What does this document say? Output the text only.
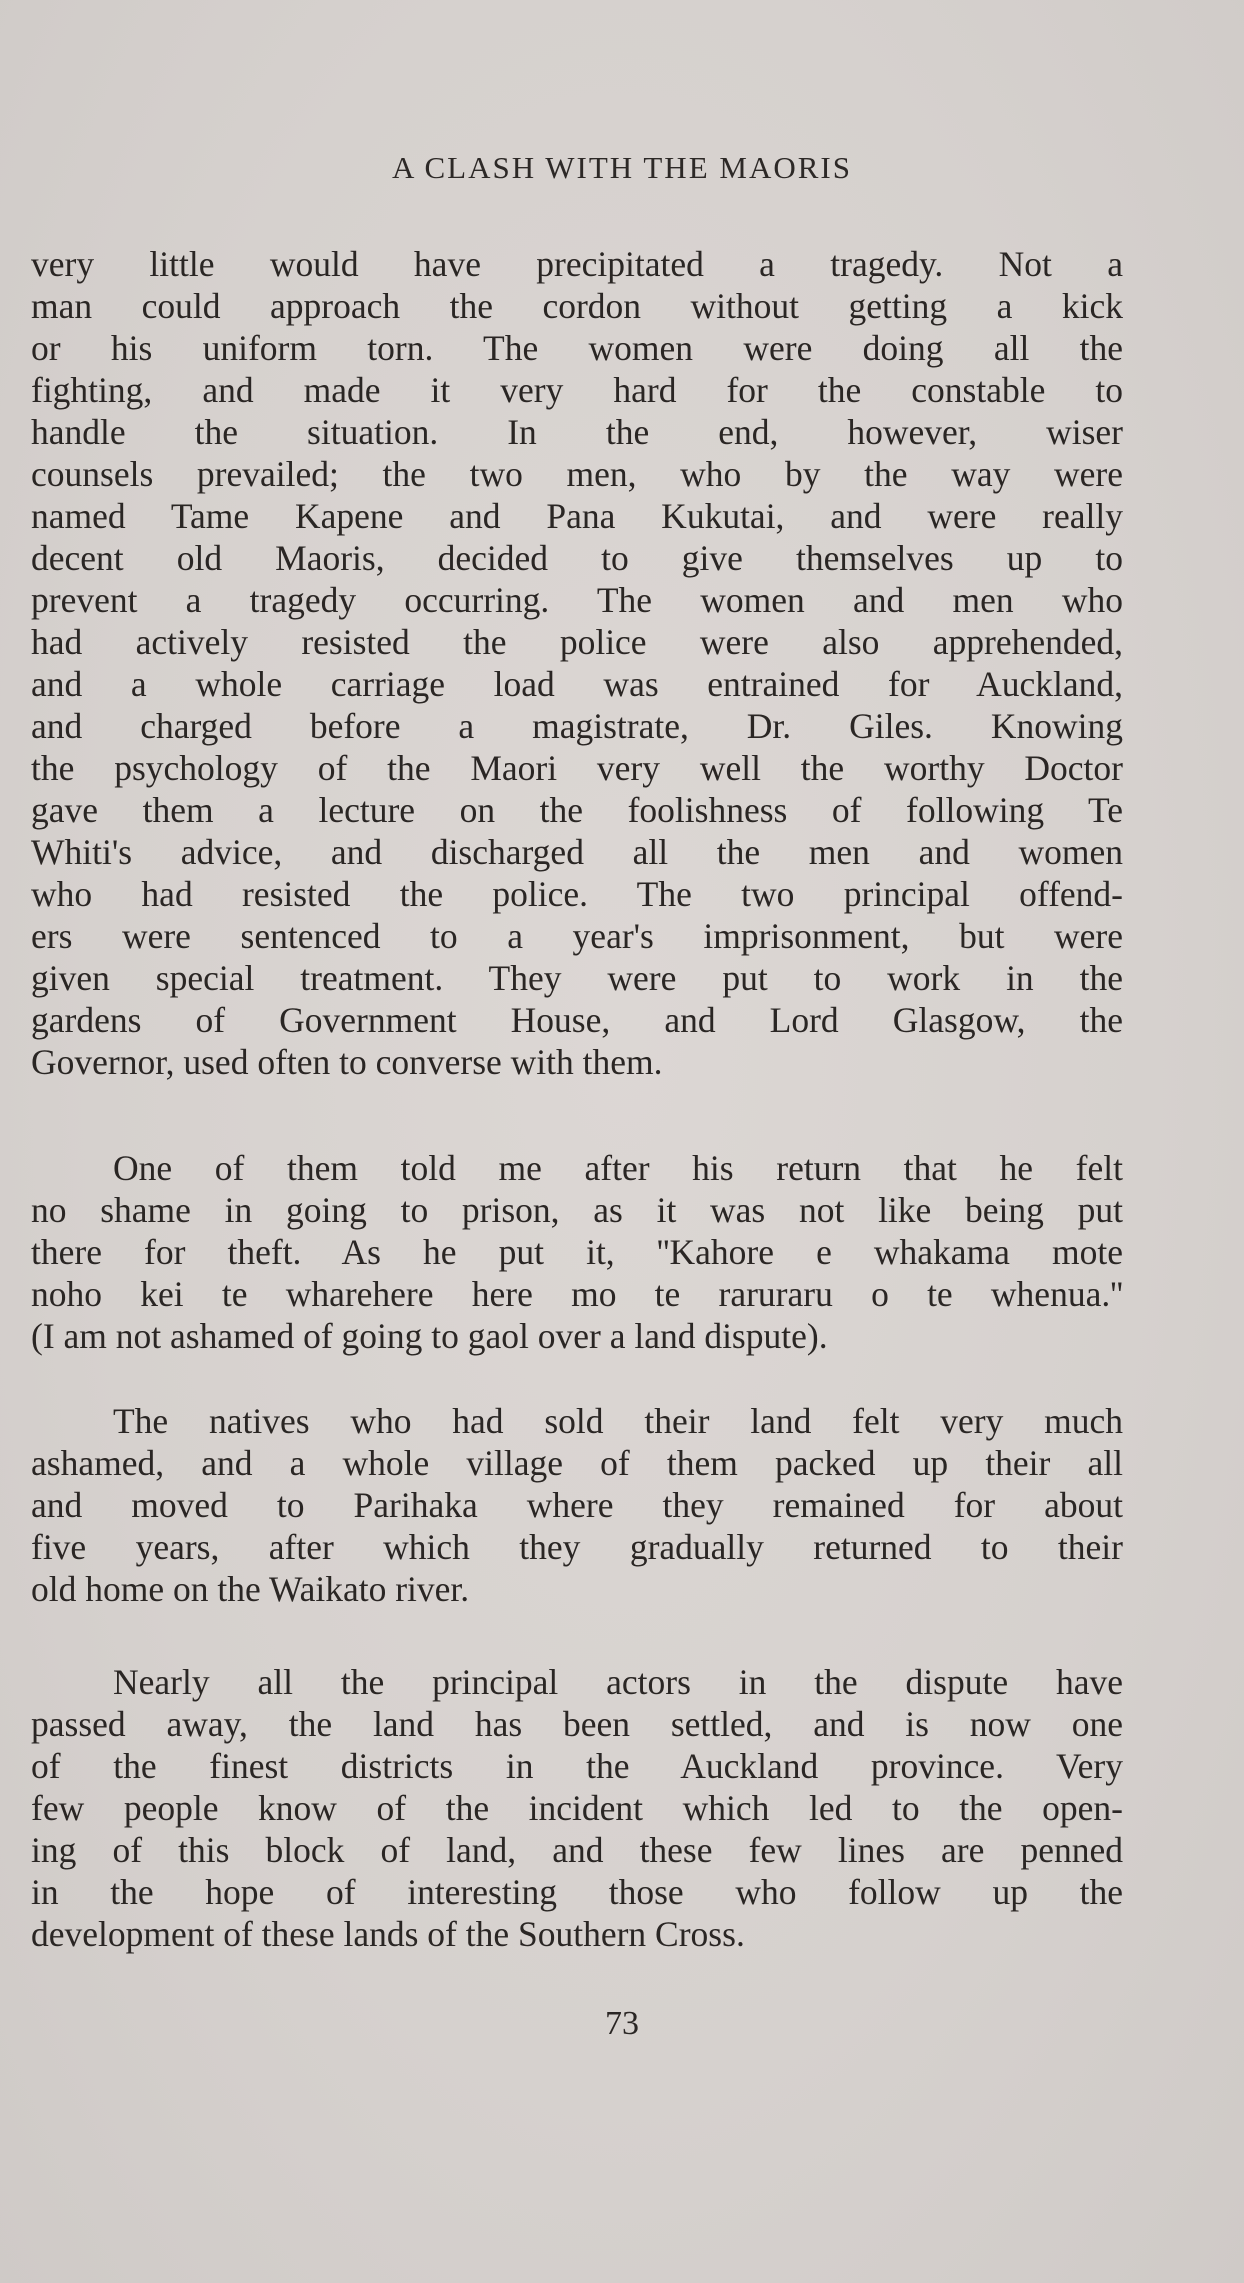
A CLASH WITH THE MAORIS
very little would have precipitated a tragedy. Not a
man could approach the cordon without getting a kick
or his uniform torn. The women were doing all the
fighting, and made it very hard for the constable to
handle the situation. In the end, however, wiser
counsels prevailed; the two men, who by the way were
named Tame Kapene and Pana Kukutai, and were really
decent old Maoris, decided to give themselves up to
prevent a tragedy occurring. The women and men who
had actively resisted the police were also apprehended,
and a whole carriage load was entrained for Auckland,
and charged before a magistrate, Dr. Giles. Knowing
the psychology of the Maori very well the worthy Doctor
gave them a lecture on the foolishness of following Te
Whiti's advice, and discharged all the men and women
who had resisted the police. The two principal offend-
ers were sentenced to a year's imprisonment, but were
given special treatment. They were put to work in the
gardens of Government House, and Lord Glasgow, the
Governor, used often to converse with them.
One of them told me after his return that he felt
no shame in going to prison, as it was not like being put
there for theft. As he put it, ''Kahore e whakama mote
noho kei te wharehere here mo te raruraru o te whenua.''
(I am not ashamed of going to gaol over a land dispute).
The natives who had sold their land felt very much
ashamed, and a whole village of them packed up their all
and moved to Parihaka where they remained for about
five years, after which they gradually returned to their
old home on the Waikato river.
Nearly all the principal actors in the dispute have
passed away, the land has been settled, and is now one
of the finest districts in the Auckland province. Very
few people know of the incident which led to the open-
ing of this block of land, and these few lines are penned
in the hope of interesting those who follow up the
development of these lands of the Southern Cross.
73
